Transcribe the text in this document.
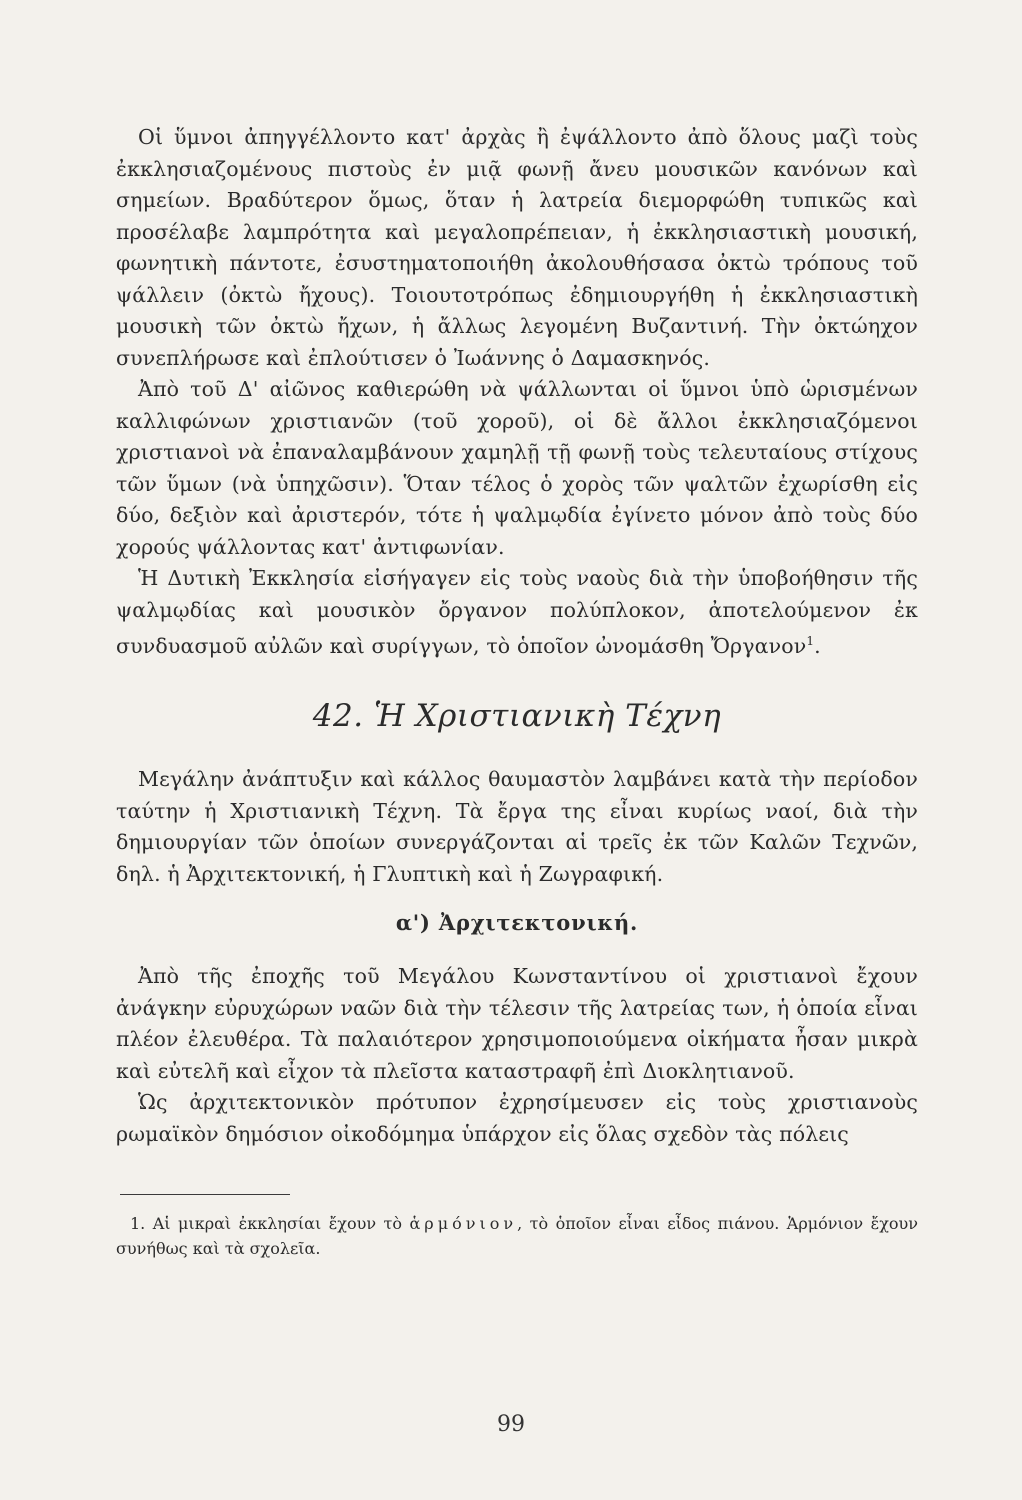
Οἱ ὕμνοι ἀπηγγέλλοντο κατ' ἀρχὰς ἢ ἐψάλλοντο ἀπὸ ὅλους μαζὶ τοὺς ἐκκλησιαζομένους πιστοὺς ἐν μιᾷ φωνῇ ἄνευ μουσικῶν κανόνων καὶ σημείων. Βραδύτερον ὅμως, ὅταν ἡ λατρεία διεμορφώθη τυπικῶς καὶ προσέλαβε λαμπρότητα καὶ μεγαλοπρέπειαν, ἡ ἐκκλησιαστικὴ μουσική, φωνητικὴ πάντοτε, ἐσυστηματοποιήθη ἀκολουθήσασα ὀκτὼ τρόπους τοῦ ψάλλειν (ὀκτὼ ἤχους). Τοιουτοτρόπως ἐδημιουργήθη ἡ ἐκκλησιαστικὴ μουσικὴ τῶν ὀκτὼ ἤχων, ἡ ἄλλως λεγομένη Βυζαντινή. Τὴν ὀκτώηχον συνεπλήρωσε καὶ ἐπλούτισεν ὁ Ἰωάννης ὁ Δαμασκηνός.

Ἀπὸ τοῦ Δ' αἰῶνος καθιερώθη νὰ ψάλλωνται οἱ ὕμνοι ὑπὸ ὡρισμένων καλλιφώνων χριστιανῶν (τοῦ χοροῦ), οἱ δὲ ἄλλοι ἐκκλησιαζόμενοι χριστιανοὶ νὰ ἐπαναλαμβάνουν χαμηλῇ τῇ φωνῇ τοὺς τελευταίους στίχους τῶν ὕμων (νὰ ὑπηχῶσιν). Ὅταν τέλος ὁ χορὸς τῶν ψαλτῶν ἐχωρίσθη εἰς δύο, δεξιὸν καὶ ἀριστερόν, τότε ἡ ψαλμῳδία ἐγίνετο μόνον ἀπὸ τοὺς δύο χορούς ψάλλοντας κατ' ἀντιφωνίαν.

Ἡ Δυτικὴ Ἐκκλησία εἰσήγαγεν εἰς τοὺς ναοὺς διὰ τὴν ὑποβοήθησιν τῆς ψαλμῳδίας καὶ μουσικὸν ὄργανον πολύπλοκον, ἀποτελούμενον ἐκ συνδυασμοῦ αὐλῶν καὶ συρίγγων, τὸ ὁποῖον ὠνομάσθη Ὄργανον$^1$.

42. Ἡ Χριστιανικὴ Τέχνη

Μεγάλην ἀνάπτυξιν καὶ κάλλος θαυμαστὸν λαμβάνει κατὰ τὴν περίοδον ταύτην ἡ Χριστιανικὴ Τέχνη. Τὰ ἔργα της εἶναι κυρίως ναοί, διὰ τὴν δημιουργίαν τῶν ὁποίων συνεργάζονται αἱ τρεῖς ἐκ τῶν Καλῶν Τεχνῶν, δηλ. ἡ Ἀρχιτεκτονική, ἡ Γλυπτικὴ καὶ ἡ Ζωγραφική.

α') Ἀρχιτεκτονική.

Ἀπὸ τῆς ἐποχῆς τοῦ Μεγάλου Κωνσταντίνου οἱ χριστιανοὶ ἔχουν ἀνάγκην εὐρυχώρων ναῶν διὰ τὴν τέλεσιν τῆς λατρείας των, ἡ ὁποία εἶναι πλέον ἐλευθέρα. Τὰ παλαιότερον χρησιμοποιούμενα οἰκήματα ἦσαν μικρὰ καὶ εὐτελῆ καὶ εἶχον τὰ πλεῖστα καταστραφῆ ἐπὶ Διοκλητιανοῦ.

Ὡς ἀρχιτεκτονικὸν πρότυπον ἐχρησίμευσεν εἰς τοὺς χριστιανοὺς ρωμαϊκὸν δημόσιον οἰκοδόμημα ὑπάρχον εἰς ὅλας σχεδὸν τὰς πόλεις

1. Αἱ μικραὶ ἐκκλησίαι ἔχουν τὸ ἁρμόνιον, τὸ ὁποῖον εἶναι εἶδος πιάνου. Ἁρμόνιον ἔχουν συνήθως καὶ τὰ σχολεῖα.

99
